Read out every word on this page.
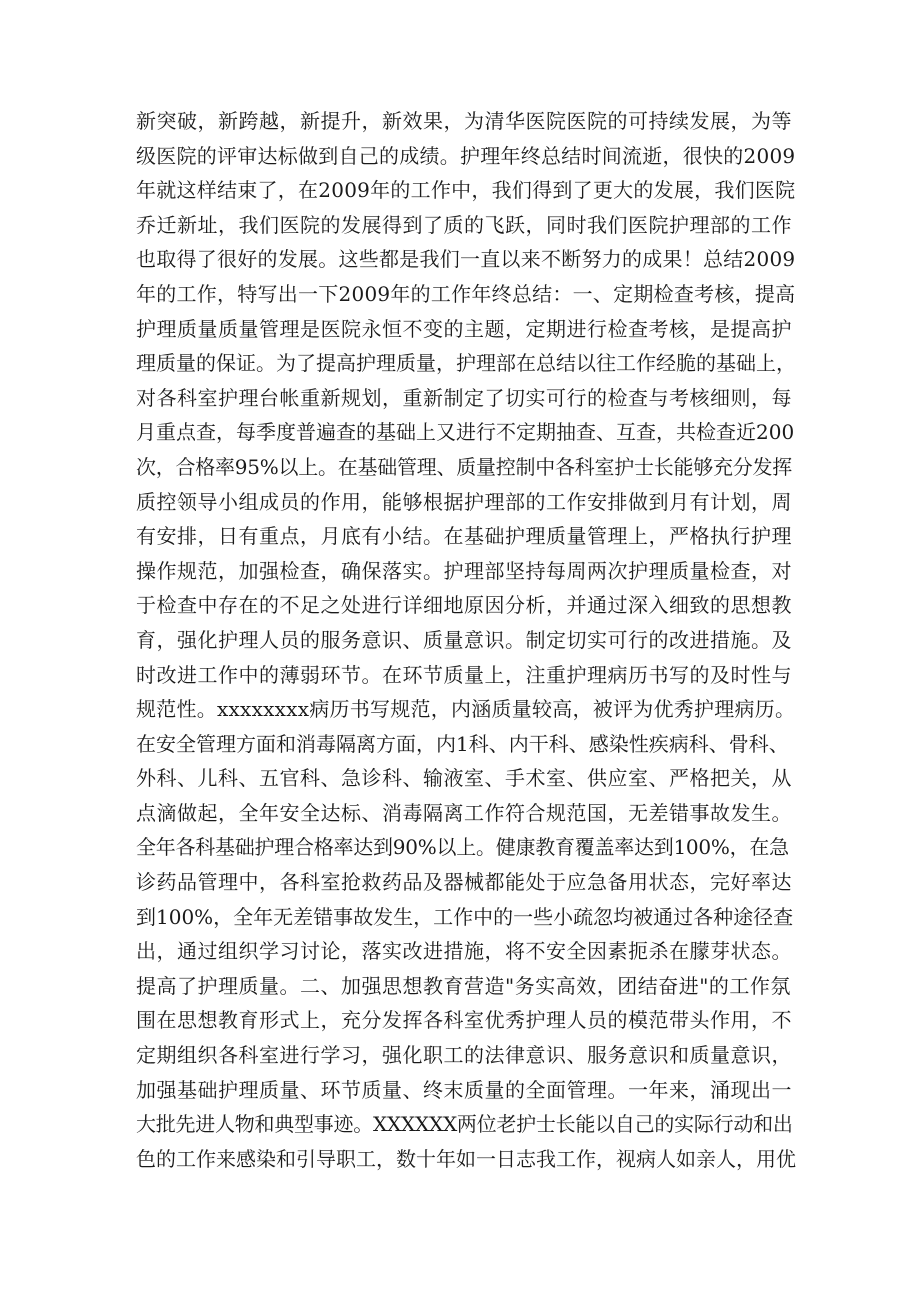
新突破，新跨越，新提升，新效果，为清华医院医院的可持续发展，为等
级医院的评审达标做到自己的成绩。护理年终总结时间流逝，很快的2009
年就这样结束了，在2009年的工作中，我们得到了更大的发展，我们医院
乔迁新址，我们医院的发展得到了质的飞跃，同时我们医院护理部的工作
也取得了很好的发展。这些都是我们一直以来不断努力的成果！总结2009
年的工作，特写出一下2009年的工作年终总结：一、定期检查考核，提高
护理质量质量管理是医院永恒不变的主题，定期进行检查考核，是提高护
理质量的保证。为了提高护理质量，护理部在总结以往工作经脆的基础上，
对各科室护理台帐重新规划，重新制定了切实可行的检查与考核细则，每
月重点查，每季度普遍查的基础上又进行不定期抽查、互查，共检查近200
次，合格率95%以上。在基础管理、质量控制中各科室护士长能够充分发挥
质控领导小组成员的作用，能够根据护理部的工作安排做到月有计划，周
有安排，日有重点，月底有小结。在基础护理质量管理上，严格执行护理
操作规范，加强检查，确保落实。护理部坚持每周两次护理质量检查，对
于检查中存在的不足之处进行详细地原因分析，并通过深入细致的思想教
育，强化护理人员的服务意识、质量意识。制定切实可行的改进措施。及
时改进工作中的薄弱环节。在环节质量上，注重护理病历书写的及时性与
规范性。xxxxxxxx病历书写规范，内涵质量较高，被评为优秀护理病历。
在安全管理方面和消毒隔离方面，内1科、内干科、感染性疾病科、骨科、
外科、儿科、五官科、急诊科、输液室、手术室、供应室、严格把关，从
点滴做起，全年安全达标、消毒隔离工作符合规范国，无差错事故发生。
全年各科基础护理合格率达到90%以上。健康教育覆盖率达到100%，在急
诊药品管理中，各科室抢救药品及器械都能处于应急备用状态，完好率达
到100%，全年无差错事故发生，工作中的一些小疏忽均被通过各种途径查
出，通过组织学习讨论，落实改进措施，将不安全因素扼杀在朦芽状态。
提高了护理质量。二、加强思想教育营造"务实高效，团结奋进"的工作氛
围在思想教育形式上，充分发挥各科室优秀护理人员的模范带头作用，不
定期组织各科室进行学习，强化职工的法律意识、服务意识和质量意识，
加强基础护理质量、环节质量、终末质量的全面管理。一年来，涌现出一
大批先进人物和典型事迹。XXXXXX两位老护士长能以自己的实际行动和出
色的工作来感染和引导职工，数十年如一日志我工作，视病人如亲人，用优
